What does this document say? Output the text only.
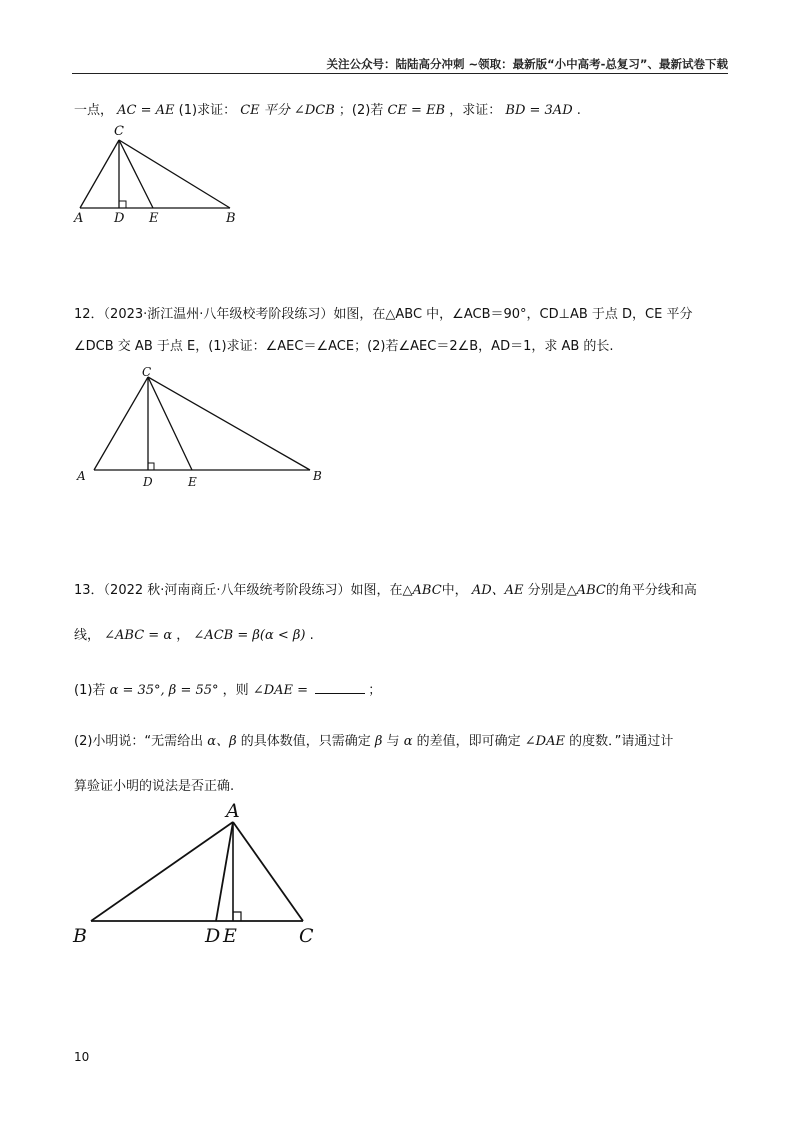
关注公众号：陆陆高分冲刺 ~领取：最新版“小中高考-总复习”、最新试卷下载
一点， AC = AE (1)求证： CE 平分 ∠DCB ；(2)若 CE = EB ，求证： BD = 3AD .
C
A D E	B
12．（2023·浙江温州·八年级校考阶段练习）如图，在△ABC 中，∠ACB＝90°，CD⊥AB 于点 D，CE 平分
∠DCB 交 AB 于点 E，(1)求证：∠AEC＝∠ACE；(2)若∠AEC＝2∠B，AD＝1，求 AB 的长.
C
A	D	E	B
13．（2022 秋·河南商丘·八年级统考阶段练习）如图，在△ABC中， AD、AE 分别是△ABC的角平分线和高
线， ∠ABC = α ， ∠ACB = β(α < β) .
(1)若 α = 35°, β = 55° ，则 ∠DAE =	；
(2)小明说：“无需给出 α、β 的具体数值，只需确定 β 与 α 的差值，即可确定 ∠DAE 的度数．”请通过计
算验证小明的说法是否正确.
A
B	D E	C
10
